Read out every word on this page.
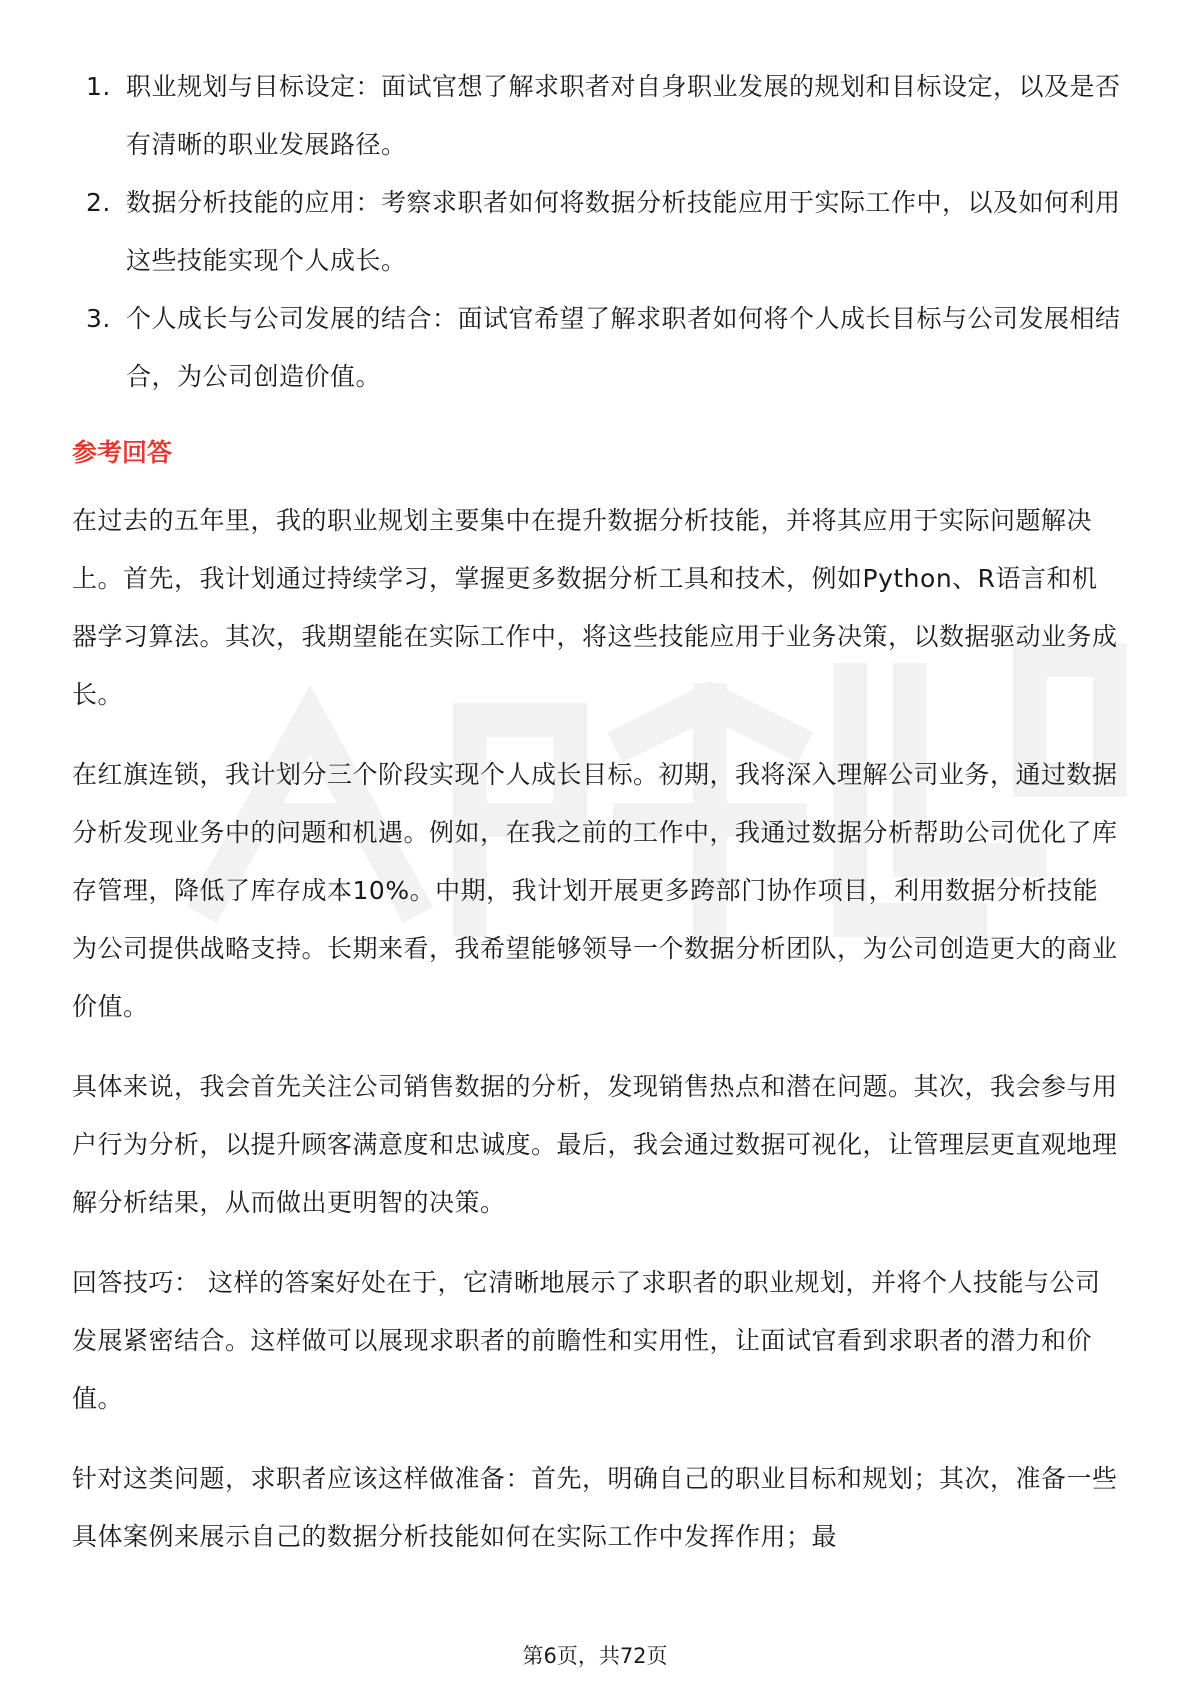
1. 职业规划与目标设定：面试官想了解求职者对自身职业发展的规划和目标设定，以及是否有清晰的职业发展路径。
2. 数据分析技能的应用：考察求职者如何将数据分析技能应用于实际工作中，以及如何利用这些技能实现个人成长。
3. 个人成长与公司发展的结合：面试官希望了解求职者如何将个人成长目标与公司发展相结合，为公司创造价值。
参考回答

在过去的五年里，我的职业规划主要集中在提升数据分析技能，并将其应用于实际问题解决上。首先，我计划通过持续学习，掌握更多数据分析工具和技术，例如Python、R语言和机器学习算法。其次，我期望能在实际工作中，将这些技能应用于业务决策，以数据驱动业务成长。

在红旗连锁，我计划分三个阶段实现个人成长目标。初期，我将深入理解公司业务，通过数据分析发现业务中的问题和机遇。例如，在我之前的工作中，我通过数据分析帮助公司优化了库存管理，降低了库存成本10%。中期，我计划开展更多跨部门协作项目，利用数据分析技能为公司提供战略支持。长期来看，我希望能够领导一个数据分析团队，为公司创造更大的商业价值。

具体来说，我会首先关注公司销售数据的分析，发现销售热点和潜在问题。其次，我会参与用户行为分析，以提升顾客满意度和忠诚度。最后，我会通过数据可视化，让管理层更直观地理解分析结果，从而做出更明智的决策。

回答技巧： 这样的答案好处在于，它清晰地展示了求职者的职业规划，并将个人技能与公司发展紧密结合。这样做可以展现求职者的前瞻性和实用性，让面试官看到求职者的潜力和价值。

针对这类问题，求职者应该这样做准备：首先，明确自己的职业目标和规划；其次，准备一些具体案例来展示自己的数据分析技能如何在实际工作中发挥作用；最

第6页，共72页
